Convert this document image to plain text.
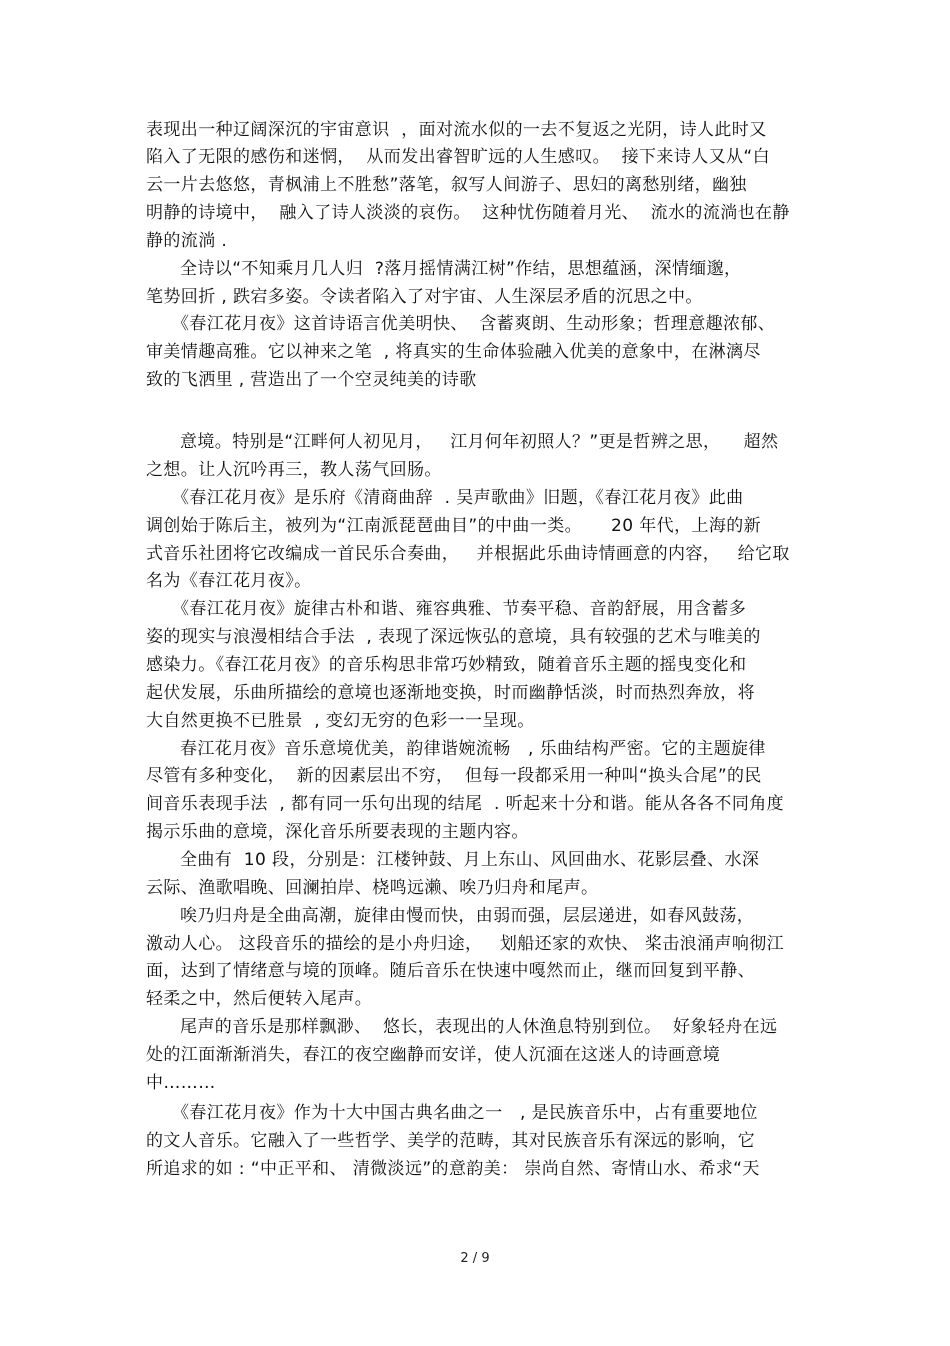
表现出一种辽阔深沉的宇宙意识  ，面对流水似的一去不复返之光阴，诗人此时又
陷入了无限的感伤和迷惘，  从而发出睿智旷远的人生感叹。  接下来诗人又从“白
云一片去悠悠，青枫浦上不胜愁”落笔，叙写人间游子、思妇的离愁别绪，幽独
明静的诗境中，  融入了诗人淡淡的哀伤。  这种忧伤随着月光、  流水的流淌也在静
静的流淌 .
全诗以“不知乘月几人归  ?落月摇情满江树”作结，思想蕴涵，深情缅邈，
笔势回折 , 跌宕多姿。令读者陷入了对宇宙、人生深层矛盾的沉思之中。
《春江花月夜》这首诗语言优美明快、  含蓄爽朗、生动形象；哲理意趣浓郁、
审美情趣高雅。它以神来之笔  , 将真实的生命体验融入优美的意象中，在淋漓尽
致的飞洒里 , 营造出了一个空灵纯美的诗歌
意境。特别是“江畔何人初见月，   江月何年初照人？”更是哲辨之思，    超然
之想。让人沉吟再三，教人荡气回肠。
《春江花月夜》是乐府《清商曲辞  . 吴声歌曲》旧题，《春江花月夜》此曲
调创始于陈后主，被列为“江南派琵琶曲目”的中曲一类。     20 年代，上海的新
式音乐社团将它改编成一首民乐合奏曲，   并根据此乐曲诗情画意的内容，   给它取
名为《春江花月夜》。
《春江花月夜》旋律古朴和谐、雍容典雅、节奏平稳、音韵舒展，用含蓄多
姿的现实与浪漫相结合手法  , 表现了深远恢弘的意境，具有较强的艺术与唯美的
感染力。《春江花月夜》的音乐构思非常巧妙精致，随着音乐主题的摇曳变化和
起伏发展，乐曲所描绘的意境也逐渐地变换，时而幽静恬淡，时而热烈奔放，将
大自然更换不已胜景  , 变幻无穷的色彩一一呈现。
春江花月夜》音乐意境优美，韵律谐婉流畅   , 乐曲结构严密。它的主题旋律
尽管有多种变化，  新的因素层出不穷，  但每一段都采用一种叫“换头合尾”的民
间音乐表现手法  , 都有同一乐句出现的结尾  . 听起来十分和谐。能从各各不同角度
揭示乐曲的意境，深化音乐所要表现的主题内容。
全曲有  10 段，分别是：江楼钟鼓、月上东山、风回曲水、花影层叠、水深
云际、渔歌唱晚、回澜拍岸、桡鸣远濑、唉乃归舟和尾声。
唉乃归舟是全曲高潮，旋律由慢而快，由弱而强，层层递进，如春风鼓荡，
激动人心。 这段音乐的描绘的是小舟归途，   划船还家的欢快、 桨击浪涌声响彻江
面，达到了情绪意与境的顶峰。随后音乐在快速中嘎然而止，继而回复到平静、
轻柔之中，然后便转入尾声。
尾声的音乐是那样飘渺、  悠长，表现出的人休渔息特别到位。  好象轻舟在远
处的江面渐渐消失，春江的夜空幽静而安详，使人沉湎在这迷人的诗画意境
中………
《春江花月夜》作为十大中国古典名曲之一   , 是民族音乐中，占有重要地位
的文人音乐。它融入了一些哲学、美学的范畴，其对民族音乐有深远的影响，它
所追求的如 : “中正平和、 清微淡远”的意韵美： 崇尚自然、寄情山水、希求“天
2 / 9
